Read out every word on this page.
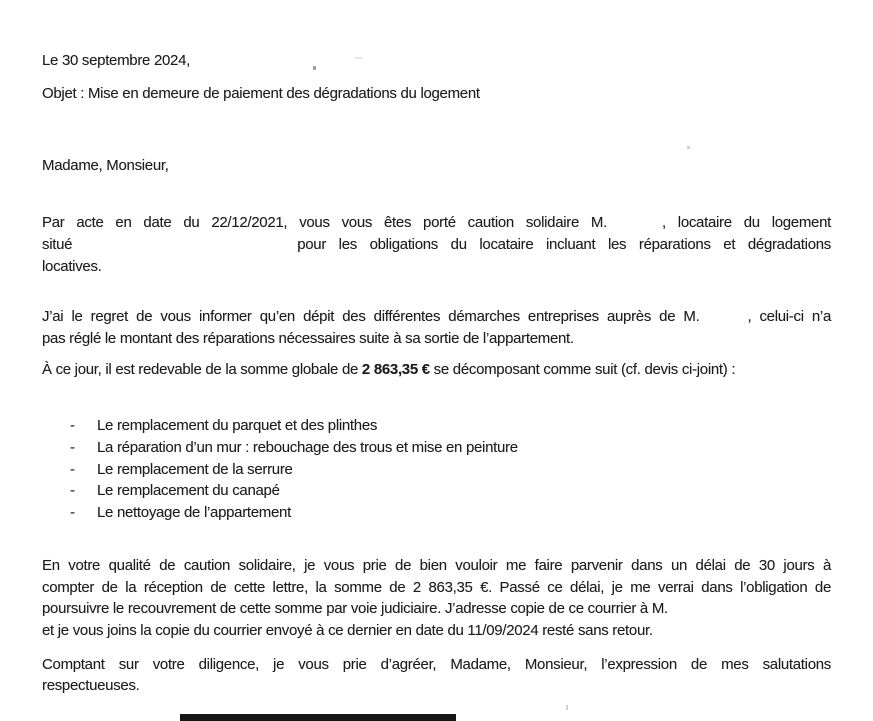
Le 30 septembre 2024,
Objet : Mise en demeure de paiement des dégradations du logement
Madame, Monsieur,
Par acte en date du 22/12/2021, vous vous êtes porté caution solidaire M.	, locataire du logement
situé	pour les obligations du locataire incluant les réparations et dégradations
locatives.
J’ai le regret de vous informer qu’en dépit des différentes démarches entreprises auprès de M.	, celui-ci n’a
pas réglé le montant des réparations nécessaires suite à sa sortie de l’appartement.
À ce jour, il est redevable de la somme globale de 2 863,35 € se décomposant comme suit (cf. devis ci-joint) :
-	Le remplacement du parquet et des plinthes
-	La réparation d’un mur : rebouchage des trous et mise en peinture
-	Le remplacement de la serrure
-	Le remplacement du canapé
-	Le nettoyage de l’appartement
En votre qualité de caution solidaire, je vous prie de bien vouloir me faire parvenir dans un délai de 30 jours à
compter de la réception de cette lettre, la somme de 2 863,35 €. Passé ce délai, je me verrai dans l’obligation de
poursuivre le recouvrement de cette somme par voie judiciaire. J’adresse copie de ce courrier à M.
et je vous joins la copie du courrier envoyé à ce dernier en date du 11/09/2024 resté sans retour.
Comptant sur votre diligence, je vous prie d’agréer, Madame, Monsieur, l’expression de mes salutations
respectueuses.
